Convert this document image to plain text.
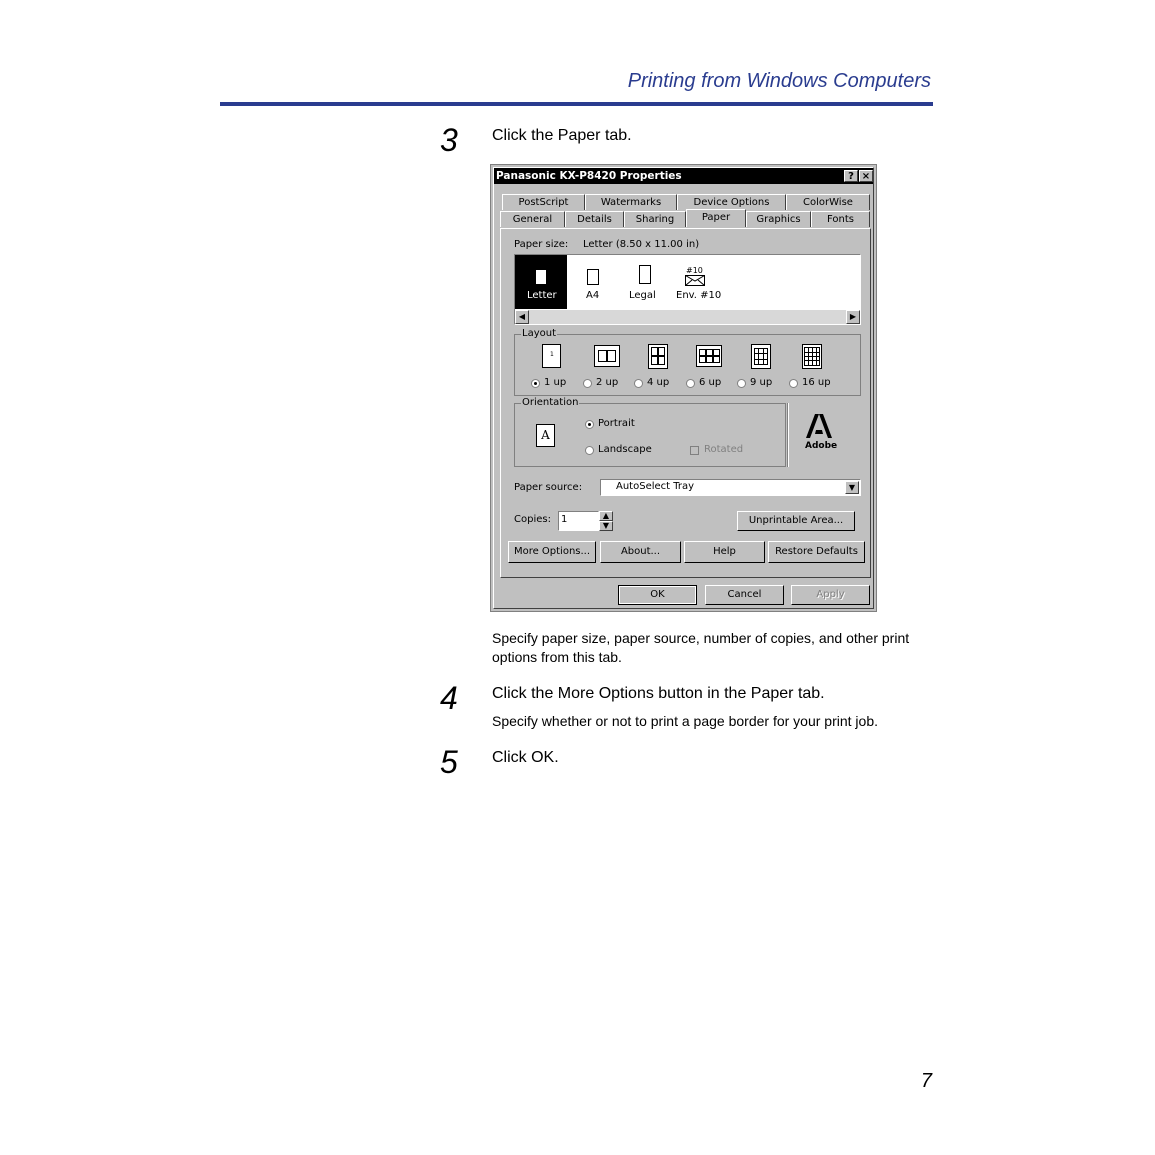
Printing from Windows Computers
3 Click the Paper tab.
Panasonic KX-P8420 Properties	? ×
PostScript	Watermarks	Device Options	ColorWise
General	Details	Sharing	Paper	Graphics	Fonts
Paper size: Letter (8.50 x 11.00 in)
Letter	A4	Legal
#10
Env. #10
◀	▶
Layout
1
1 up	2 up	4 up	6 up	9 up	16 up
Orientation
A
Portrait
Landscape	Rotated	Adobe
Paper source:	AutoSelect Tray	▼
Copies: 1	▲
▼	Unprintable Area...
More Options...	About...	Help	Restore Defaults
OK	Cancel	Apply
Specify paper size, paper source, number of copies, and other print options from this tab.
4 Click the More Options button in the Paper tab.
Specify whether or not to print a page border for your print job.
5 Click OK.
7
